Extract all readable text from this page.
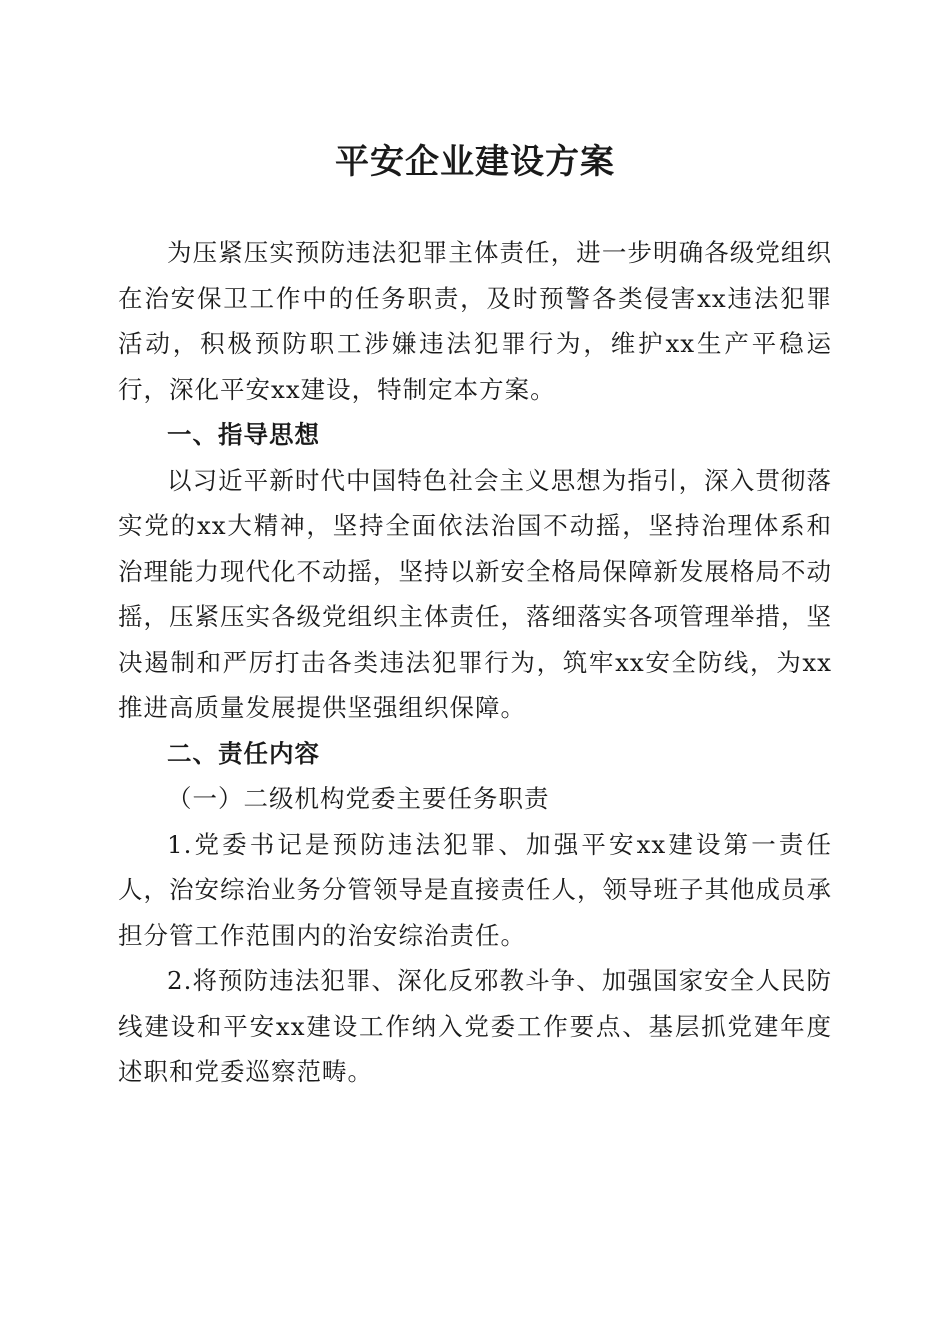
平安企业建设方案

为压紧压实预防违法犯罪主体责任，进一步明确各级党组织在治安保卫工作中的任务职责，及时预警各类侵害xx违法犯罪活动，积极预防职工涉嫌违法犯罪行为，维护xx生产平稳运行，深化平安xx建设，特制定本方案。

一、指导思想

以习近平新时代中国特色社会主义思想为指引，深入贯彻落实党的xx大精神，坚持全面依法治国不动摇，坚持治理体系和治理能力现代化不动摇，坚持以新安全格局保障新发展格局不动摇，压紧压实各级党组织主体责任，落细落实各项管理举措，坚决遏制和严厉打击各类违法犯罪行为，筑牢xx安全防线，为xx推进高质量发展提供坚强组织保障。

二、责任内容

（一）二级机构党委主要任务职责

1.党委书记是预防违法犯罪、加强平安xx建设第一责任人，治安综治业务分管领导是直接责任人，领导班子其他成员承担分管工作范围内的治安综治责任。

2.将预防违法犯罪、深化反邪教斗争、加强国家安全人民防线建设和平安xx建设工作纳入党委工作要点、基层抓党建年度述职和党委巡察范畴。
